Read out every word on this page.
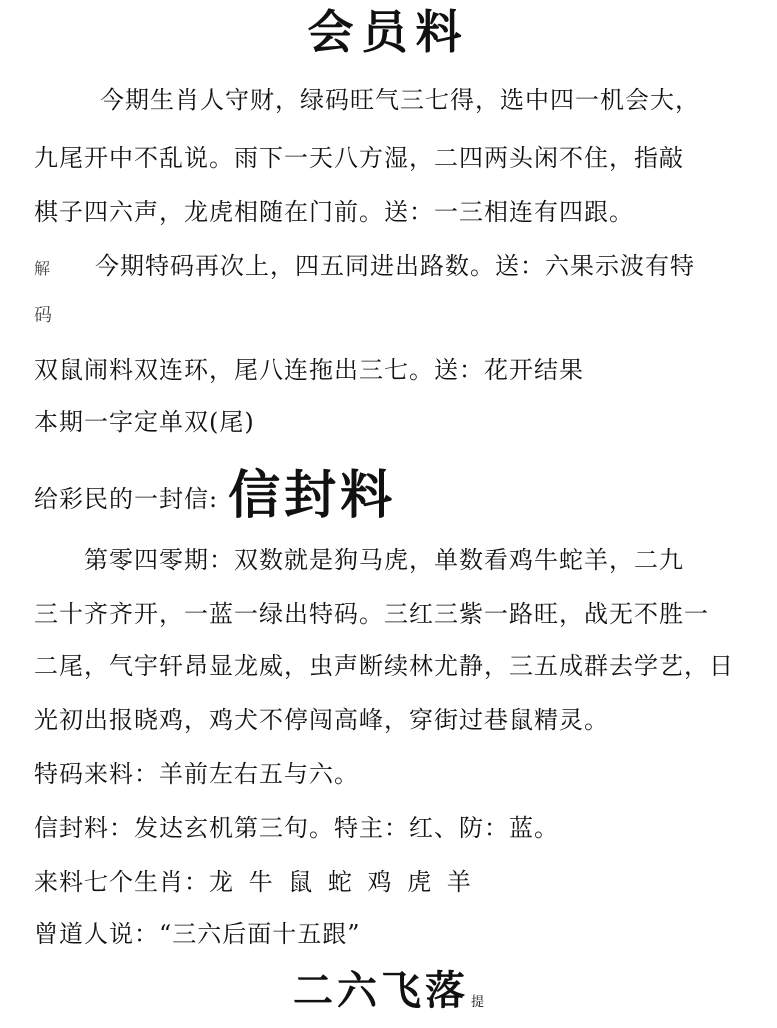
会员料
今期生肖人守财，绿码旺气三七得，选中四一机会大，
九尾开中不乱说。雨下一天八方湿，二四两头闲不住，指敲
棋子四六声，龙虎相随在门前。送：一三相连有四跟。
解 今期特码再次上，四五同进出路数。送：六果示波有特
码
双鼠闹料双连环，尾八连拖出三七。送：花开结果
本期一字定单双(尾)
给彩民的一封信: 信封料
第零四零期：双数就是狗马虎，单数看鸡牛蛇羊，二九
三十齐齐开，一蓝一绿出特码。三红三紫一路旺，战无不胜一
二尾，气宇轩昂显龙威，虫声断续林尤静，三五成群去学艺，日
光初出报晓鸡，鸡犬不停闯高峰，穿街过巷鼠精灵。
特码来料：羊前左右五与六。
信封料：发达玄机第三句。特主：红、防：蓝。
来料七个生肖：龙 牛 鼠 蛇 鸡 虎 羊
曾道人说：“三六后面十五跟”
二六飞落 提
